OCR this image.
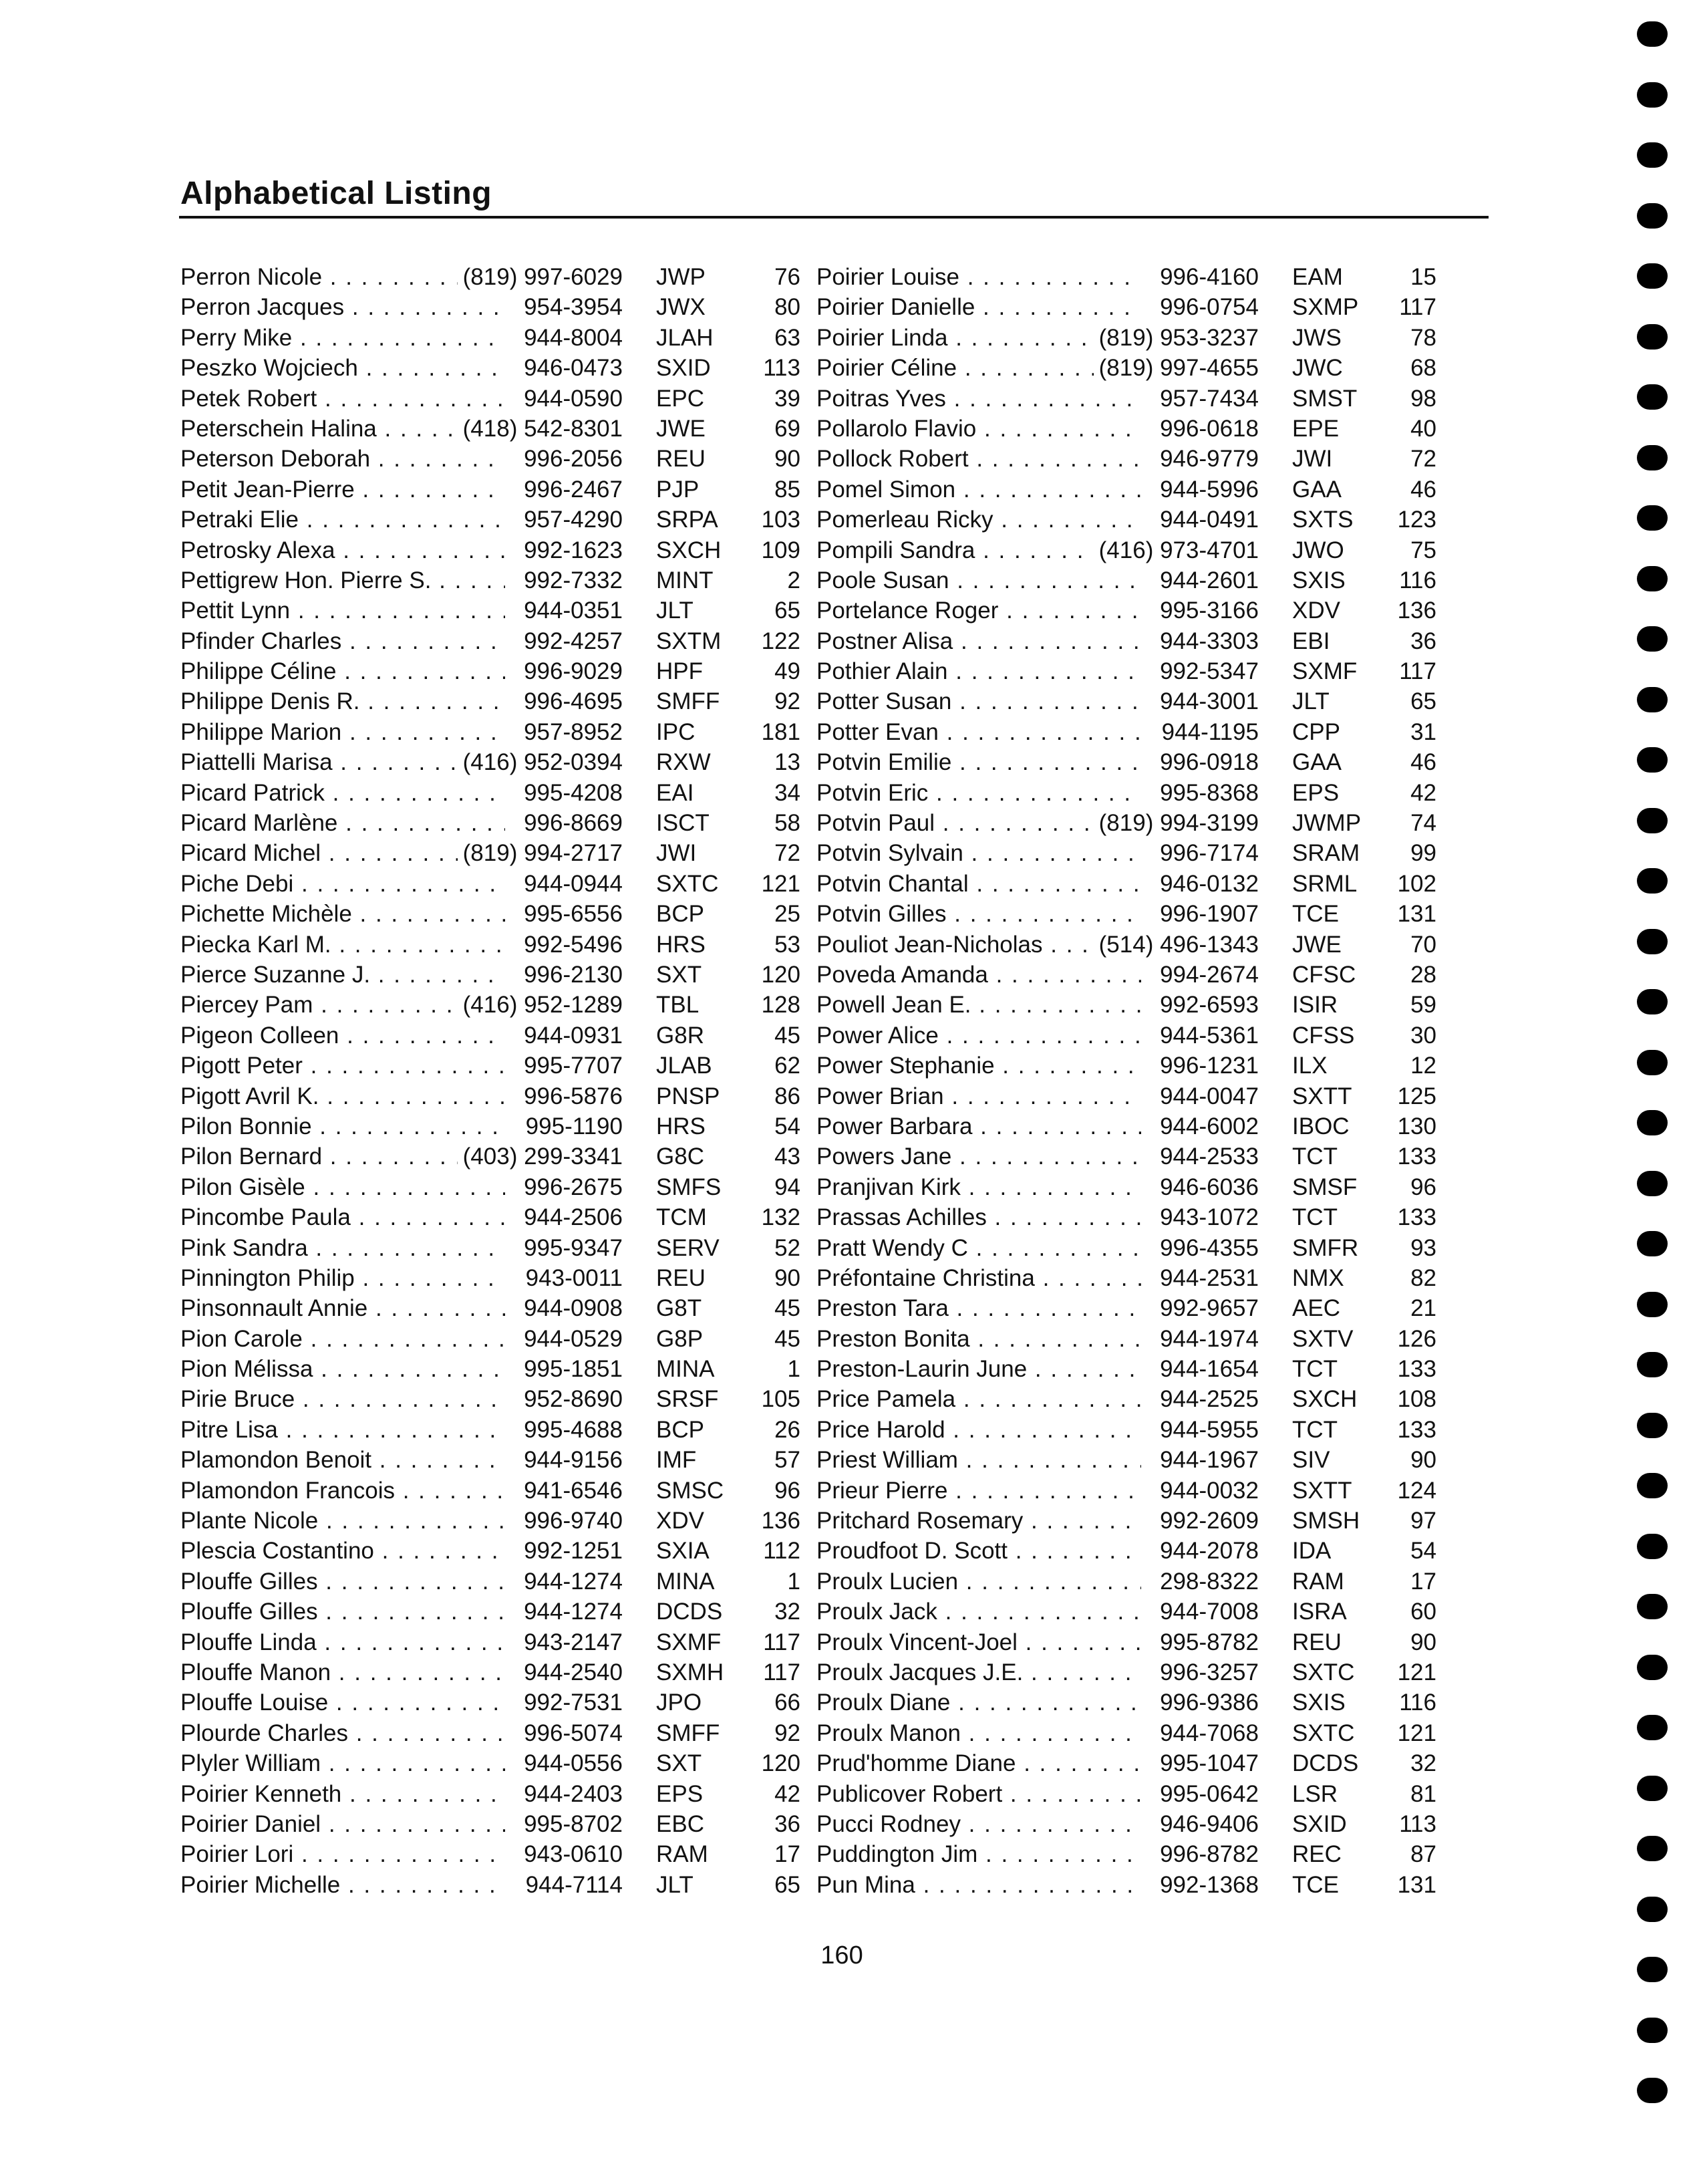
Alphabetical Listing
Perron Nicole . . .	(819) 997-6029 JWP	76
Perron Jacques . . .	954-3954 JWX	80
Perry Mike . . .	944-8004 JLAH	63
Peszko Wojciech . . .	946-0473 SXID	113
Petek Robert . . .	944-0590 EPC	39
Peterschein Halina . . .	(418) 542-8301 JWE	69
Peterson Deborah . . .	996-2056 REU	90
Petit Jean-Pierre . . .	996-2467 PJP	85
Petraki Elie . . .	957-4290 SRPA	103
Petrosky Alexa . . .	992-1623 SXCH	109
Pettigrew Hon. Pierre S. . . .	992-7332 MINT	2
Pettit Lynn . . .	944-0351 JLT	65
Pfinder Charles . . .	992-4257 SXTM	122
Philippe Céline . . .	996-9029 HPF	49
Philippe Denis R. . . .	996-4695 SMFF	92
Philippe Marion . . .	957-8952 IPC	181
Piattelli Marisa . . .	(416) 952-0394 RXW	13
Picard Patrick . . .	995-4208 EAI	34
Picard Marlène . . .	996-8669 ISCT	58
Picard Michel . . .	(819) 994-2717 JWI	72
Piche Debi . . .	944-0944 SXTC	121
Pichette Michèle . . .	995-6556 BCP	25
Piecka Karl M. . . .	992-5496 HRS	53
Pierce Suzanne J. . . .	996-2130 SXT	120
Piercey Pam . . .	(416) 952-1289 TBL	128
Pigeon Colleen . . .	944-0931 G8R	45
Pigott Peter . . .	995-7707 JLAB	62
Pigott Avril K. . . .	996-5876 PNSP	86
Pilon Bonnie . . .	995-1190 HRS	54
Pilon Bernard . . .	(403) 299-3341 G8C	43
Pilon Gisèle . . .	996-2675 SMFS	94
Pincombe Paula . . .	944-2506 TCM	132
Pink Sandra . . .	995-9347 SERV	52
Pinnington Philip . . .	943-0011 REU	90
Pinsonnault Annie . . .	944-0908 G8T	45
Pion Carole . . .	944-0529 G8P	45
Pion Mélissa . . .	995-1851 MINA	1
Pirie Bruce . . .	952-8690 SRSF	105
Pitre Lisa . . .	995-4688 BCP	26
Plamondon Benoit . . .	944-9156 IMF	57
Plamondon Francois . . .	941-6546 SMSC	96
Plante Nicole . . .	996-9740 XDV	136
Plescia Costantino . . .	992-1251 SXIA	112
Plouffe Gilles . . .	944-1274 MINA	1
Plouffe Gilles . . .	944-1274 DCDS	32
Plouffe Linda . . .	943-2147 SXMF	117
Plouffe Manon . . .	944-2540 SXMH	117
Plouffe Louise . . .	992-7531 JPO	66
Plourde Charles . . .	996-5074 SMFF	92
Plyler William . . .	944-0556 SXT	120
Poirier Kenneth . . .	944-2403 EPS	42
Poirier Daniel . . .	995-8702 EBC	36
Poirier Lori . . .	943-0610 RAM	17
Poirier Michelle . . .	944-7114 JLT	65
Poirier Louise . . .	996-4160 EAM	15
Poirier Danielle . . .	996-0754 SXMP	117
Poirier Linda . . .	(819) 953-3237 JWS	78
Poirier Céline . . .	(819) 997-4655 JWC	68
Poitras Yves . . .	957-7434 SMST	98
Pollarolo Flavio . . .	996-0618 EPE	40
Pollock Robert . . .	946-9779 JWI	72
Pomel Simon . . .	944-5996 GAA	46
Pomerleau Ricky . . .	944-0491 SXTS	123
Pompili Sandra . . .	(416) 973-4701 JWO	75
Poole Susan . . .	944-2601 SXIS	116
Portelance Roger . . .	995-3166 XDV	136
Postner Alisa . . .	944-3303 EBI	36
Pothier Alain . . .	992-5347 SXMF	117
Potter Susan . . .	944-3001 JLT	65
Potter Evan . . .	944-1195 CPP	31
Potvin Emilie . . .	996-0918 GAA	46
Potvin Eric . . .	995-8368 EPS	42
Potvin Paul . . .	(819) 994-3199 JWMP	74
Potvin Sylvain . . .	996-7174 SRAM	99
Potvin Chantal . . .	946-0132 SRML	102
Potvin Gilles . . .	996-1907 TCE	131
Pouliot Jean-Nicholas . . .	(514) 496-1343 JWE	70
Poveda Amanda . . .	994-2674 CFSC	28
Powell Jean E. . . .	992-6593 ISIR	59
Power Alice . . .	944-5361 CFSS	30
Power Stephanie . . .	996-1231 ILX	12
Power Brian . . .	944-0047 SXTT	125
Power Barbara . . .	944-6002 IBOC	130
Powers Jane . . .	944-2533 TCT	133
Pranjivan Kirk . . .	946-6036 SMSF	96
Prassas Achilles . . .	943-1072 TCT	133
Pratt Wendy C . . .	996-4355 SMFR	93
Préfontaine Christina . . .	944-2531 NMX	82
Preston Tara . . .	992-9657 AEC	21
Preston Bonita . . .	944-1974 SXTV	126
Preston-Laurin June . . .	944-1654 TCT	133
Price Pamela . . .	944-2525 SXCH	108
Price Harold . . .	944-5955 TCT	133
Priest William . . .	944-1967 SIV	90
Prieur Pierre . . .	944-0032 SXTT	124
Pritchard Rosemary . . .	992-2609 SMSH	97
Proudfoot D. Scott . . .	944-2078 IDA	54
Proulx Lucien . . .	298-8322 RAM	17
Proulx Jack . . .	944-7008 ISRA	60
Proulx Vincent-Joel . . .	995-8782 REU	90
Proulx Jacques J.E. . . .	996-3257 SXTC	121
Proulx Diane . . .	996-9386 SXIS	116
Proulx Manon . . .	944-7068 SXTC	121
Prud'homme Diane . . .	995-1047 DCDS	32
Publicover Robert . . .	995-0642 LSR	81
Pucci Rodney . . .	946-9406 SXID	113
Puddington Jim . . .	996-8782 REC	87
Pun Mina . . .	992-1368 TCE	131
160
